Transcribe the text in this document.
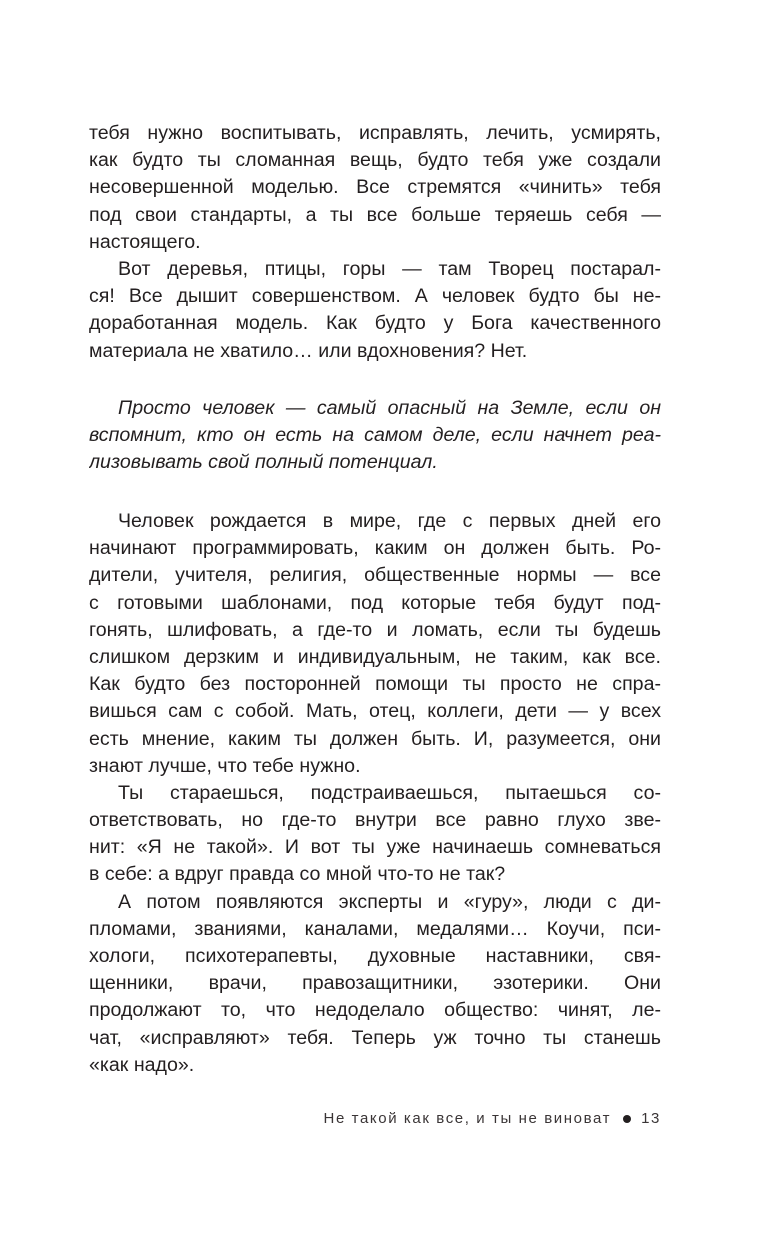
тебя нужно воспитывать, исправлять, лечить, усмирять,
как будто ты сломанная вещь, будто тебя уже создали
несовершенной моделью. Все стремятся «чинить» тебя
под свои стандарты, а ты все больше теряешь себя —
настоящего.
Вот деревья, птицы, горы — там Творец постарал-
ся! Все дышит совершенством. А человек будто бы не-
доработанная модель. Как будто у Бога качественного
материала не хватило… или вдохновения? Нет.
Просто человек — самый опасный на Земле, если он
вспомнит, кто он есть на самом деле, если начнет реа-
лизовывать свой полный потенциал.
Человек рождается в мире, где с первых дней его
начинают программировать, каким он должен быть. Ро-
дители, учителя, религия, общественные нормы — все
с готовыми шаблонами, под которые тебя будут под-
гонять, шлифовать, а где-то и ломать, если ты будешь
слишком дерзким и индивидуальным, не таким, как все.
Как будто без посторонней помощи ты просто не спра-
вишься сам с собой. Мать, отец, коллеги, дети — у всех
есть мнение, каким ты должен быть. И, разумеется, они
знают лучше, что тебе нужно.
Ты стараешься, подстраиваешься, пытаешься со-
ответствовать, но где-то внутри все равно глухо зве-
нит: «Я не такой». И вот ты уже начинаешь сомневаться
в себе: а вдруг правда со мной что-то не так?
А потом появляются эксперты и «гуру», люди с ди-
пломами, званиями, каналами, медалями… Коучи, пси-
хологи, психотерапевты, духовные наставники, свя-
щенники, врачи, правозащитники, эзотерики. Они
продолжают то, что недоделало общество: чинят, ле-
чат, «исправляют» тебя. Теперь уж точно ты станешь
«как надо».
Не такой как все, и ты не виноват 13
